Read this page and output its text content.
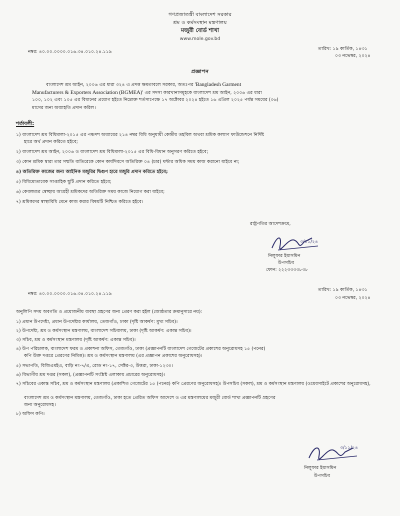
গণপ্রজাতন্ত্রী বাংলাদেশ সরকার
শ্রম ও কর্মসংস্থান মন্ত্রণালয়
মজুরী বোর্ড শাখা
www.mole.gov.bd
নম্বর: ৪০.০০.০০০০.০১৬.৩৪.০১০.২৪.১১৯
তারিখ: ১৯ কার্তিক, ১৪৩১
০৩ নভেম্বর, ২০২৪
প্রজ্ঞাপন
বাংলাদেশ শ্রম আইন, ২০০৬ এর ধারা ৩২৪ এ প্রদত্ত ক্ষমতাবলে সরকার, অতঃপর 'Bangladesh Garment
Manufacturers & Exporters Association (BGMEA)' এর সদস্য কারখানাসমূহকে বাংলাদেশ শ্রম আইন, ২০০৬ এর ধারা
১০০, ১০২ এবং ১০৫ এর বিধানের প্রয়োগ হইতে নিম্নোক্ত শর্তসাপেক্ষে ১৭ অক্টোবর ২০২৪ হইতে ১৬ এপ্রিল ২০২৫ পর্যন্ত সময়ের (০৬)
মাসের জন্য অব্যাহতি প্রদান করিল।
শর্তাবলী:
১) বাংলাদেশ শ্রম বিধিমালা-২০১৫ এর পঞ্চদশ অধ্যায়ের ২১৪ নম্বর বিধি অনুযায়ী কেন্দ্রীয় তহবিল অথবা শ্রমিক কল্যাণ ফাউন্ডেশনে নির্দিষ্ট
হারে অর্থ প্রদান করিতে হইবে;
২) বাংলাদেশ শ্রম আইন, ২০০৬ ও বাংলাদেশ শ্রম বিধিমালা-২০১৫ এর বিধি-বিধান অনুসরণ করিতে হইবে;
৩) কোন শ্রমিক দ্বারা তার সম্মতি ব্যতিরেকে কোন কার্যদিবসে অতিরিক্ত ০৪ (চার) ঘন্টার অধিক সময় কাজ করানো যাইবে না;
৪) অতিরিক্ত কাজের জন্য আইনিক মজুরির দ্বিগুণ হারে মজুরি প্রদান করিতে হইবে;
৫) বিধিমোতাবেক সাপ্তাহিক ছুটি প্রদান করিতে হইবে;
৬) কেবলমাত্র স্বেচ্ছায় আগ্রহী শ্রমিকদের অতিরিক্ত সময় কাজে নিয়োগ করা যাইবে;
৭) শ্রমিকদের স্বাস্থ্যবিধি মেনে কাজ করার বিষয়টি নিশ্চিত করিতে হইবে।
রাষ্ট্রপতির আদেশক্রমে,
৩/১১/২৪
নিলুফার ইয়াসমিন
উপসচিব
ফোন: ২২২৩৩৩৩৮৩৮
নম্বর: ৪০.০০.০০০০.০১৬.৩৪.০১০.২৪.১১৯
তারিখ: ১৯ কার্তিক, ১৪৩১
০৩ নভেম্বর, ২০২৪
অনুলিপি সদয় অবগতি ও প্রয়োজনীয় ব্যবস্থা গ্রহণের জন্য প্রেরণ করা হইল (জ্যেষ্ঠতার ক্রমানুসারে নয়):
১) প্রধান উপদেষ্টা, প্রধান উপদেষ্টার কার্যালয়, তেজগাঁও, ঢাকা (দৃষ্টি আকর্ষণ: মুখ্য সচিব)।
২) উপদেষ্টা, শ্রম ও কর্মসংস্থান মন্ত্রণালয়, বাংলাদেশ সচিবালয়, ঢাকা (দৃষ্টি আকর্ষণ: একান্ত সচিব)।
৩) সচিব, শ্রম ও কর্মসংস্থান মন্ত্রণালয় (দৃষ্টি আকর্ষণ: একান্ত সচিব)।
৪) উপ পরিচালক, বাংলাদেশ ফরম ও প্রকাশনা অফিস, তেজগাঁও, ঢাকা (প্রজ্ঞাপনটি বাংলাদেশ গেজেটের প্রকাশের অনুরোধসহ ১৫ (পনের)
কপি উক্ত দপ্তরে প্রেরণের নিমিত্ত)। শ্রম ও কর্মসংস্থান মন্ত্রণালয় (এর প্রজ্ঞাপন প্রকাশের অনুরোধসহ)।
৫) সভাপতি, বিজিএমইএ, বাড়ি নং-৭/এ, রোড নং-১৭, সেক্টর-৩, উত্তরা, ঢাকা-১২৩০।
৬) বিভাগীয় শ্রম দপ্তর (সকল), (প্রজ্ঞাপনটি সংশ্লিষ্ট এলাকায় প্রচারের অনুরোধসহ)।
৭) সচিবের একান্ত সচিব, শ্রম ও কর্মসংস্থান মন্ত্রণালয় (প্রকাশিত গেজেটের ১৫ (পনের) কপি প্রেরণের অনুরোধসহ)। উপসচিব (সকল), শ্রম ও কর্মসংস্থান মন্ত্রণালয় (ওয়েবসাইটে প্রকাশের অনুরোধসহ),
বাংলাদেশ শ্রম ও কর্মসংস্থান মন্ত্রণালয়, তেজগাঁও, ঢাকা হতে প্রেরিত অফিস আদেশে ও এর মন্ত্রণালয়ের মজুরী বোর্ড শাখা প্রজ্ঞাপনটি গ্রহণের
জন্য অনুরোধসহ।
৮) অফিস কপি।
৩/১১/২৪
নিলুফার ইয়াসমিন
উপসচিব
